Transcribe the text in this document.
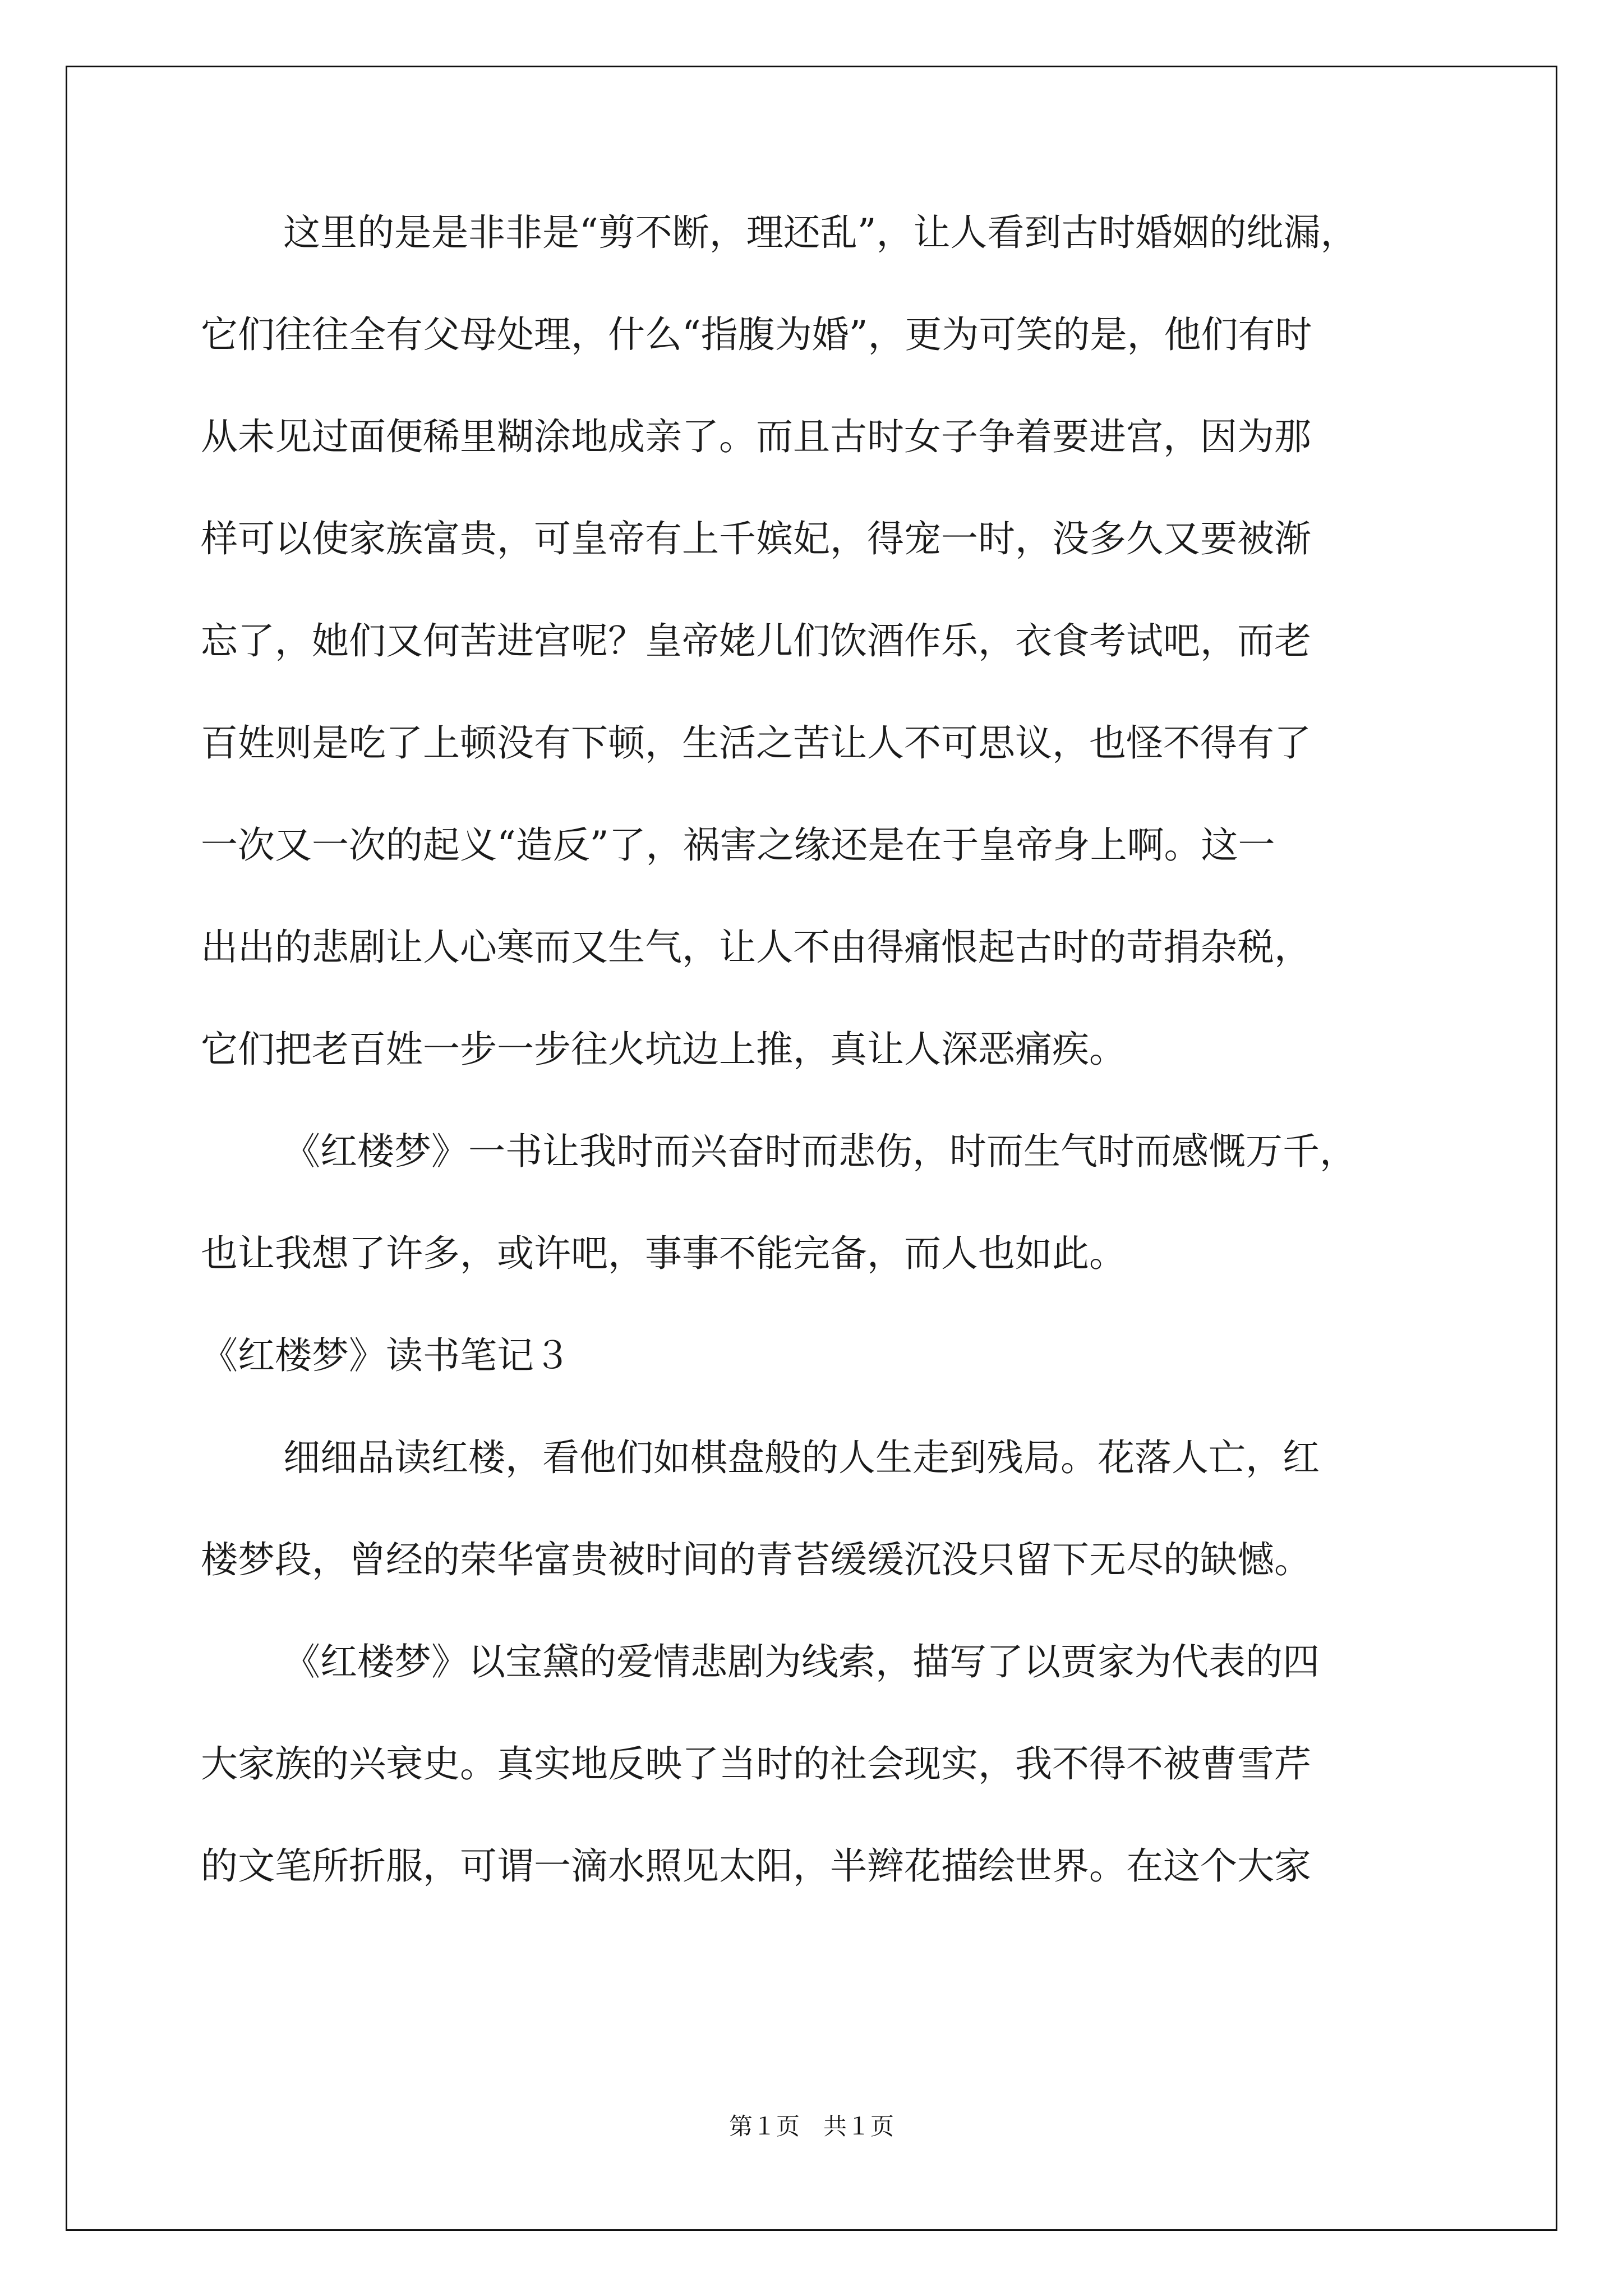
这里的是是非非是“剪不断，理还乱”，让人看到古时婚姻的纰漏，
它们往往全有父母处理，什么“指腹为婚”，更为可笑的是，他们有时
从未见过面便稀里糊涂地成亲了。而且古时女子争着要进宫，因为那
样可以使家族富贵，可皇帝有上千嫔妃，得宠一时，没多久又要被渐
忘了，她们又何苦进宫呢？皇帝姥儿们饮酒作乐，衣食考试吧，而老
百姓则是吃了上顿没有下顿，生活之苦让人不可思议，也怪不得有了
一次又一次的起义“造反”了，祸害之缘还是在于皇帝身上啊。这一
出出的悲剧让人心寒而又生气，让人不由得痛恨起古时的苛捐杂税，
它们把老百姓一步一步往火坑边上推，真让人深恶痛疾。
《红楼梦》一书让我时而兴奋时而悲伤，时而生气时而感慨万千，
也让我想了许多，或许吧，事事不能完备，而人也如此。
《红楼梦》读书笔记３
细细品读红楼，看他们如棋盘般的人生走到残局。花落人亡，红
楼梦段，曾经的荣华富贵被时间的青苔缓缓沉没只留下无尽的缺憾。
《红楼梦》以宝黛的爱情悲剧为线索，描写了以贾家为代表的四
大家族的兴衰史。真实地反映了当时的社会现实，我不得不被曹雪芹
的文笔所折服，可谓一滴水照见太阳，半辫花描绘世界。在这个大家
第１页　共１页
